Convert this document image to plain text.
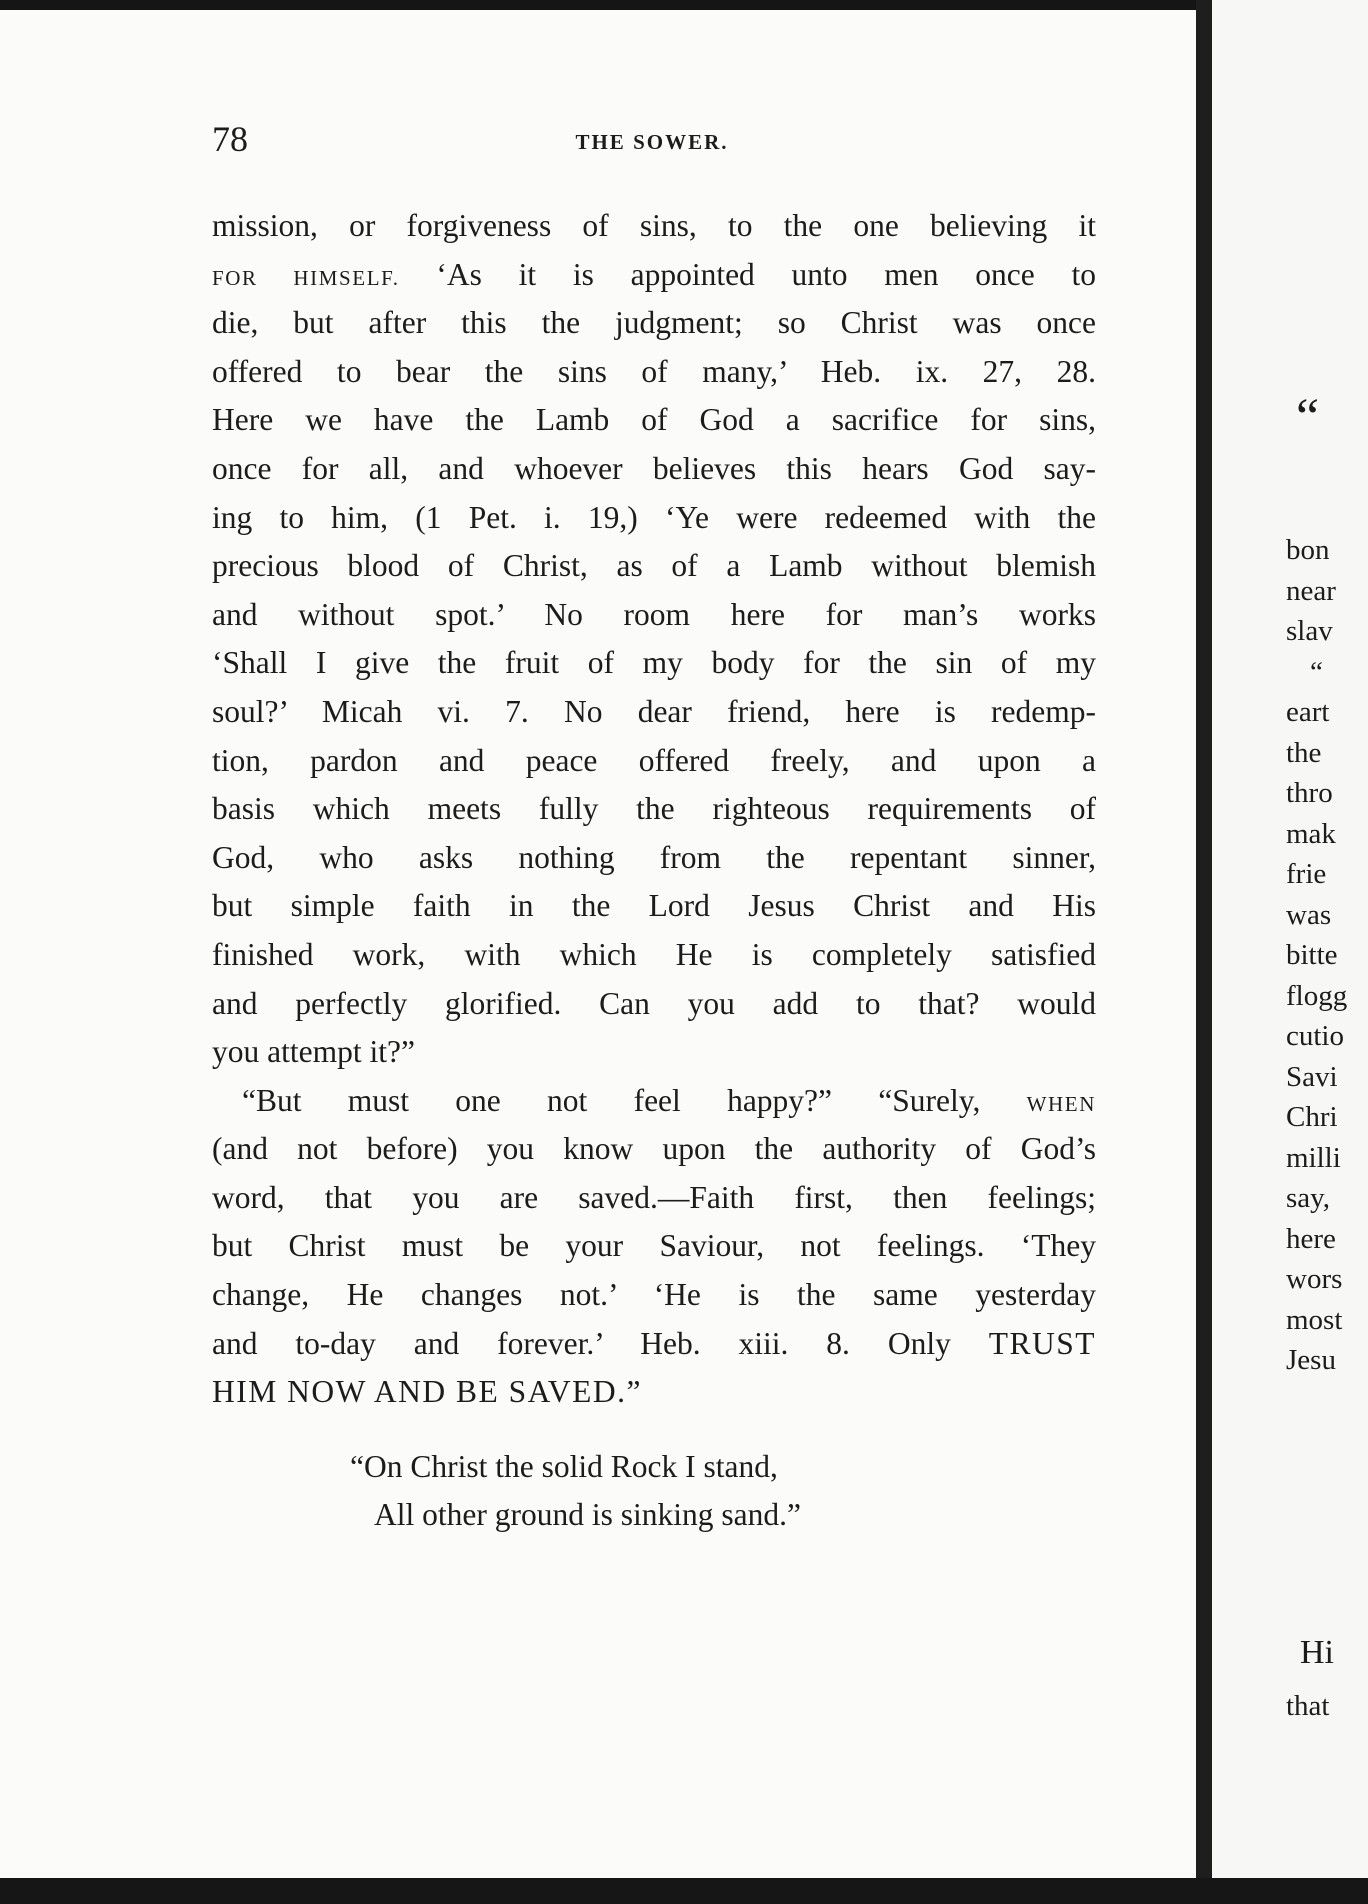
78	THE SOWER.
mission, or forgiveness of sins, to the one believing it
FOR HIMSELF. ‘As it is appointed unto men once to
die, but after this the judgment; so Christ was once
offered to bear the sins of many,’ Heb. ix. 27, 28.
Here we have the Lamb of God a sacrifice for sins,
once for all, and whoever believes this hears God say-
ing to him, (1 Pet. i. 19,) ‘Ye were redeemed with the
precious blood of Christ, as of a Lamb without blemish
and without spot.’ No room here for man’s works
‘Shall I give the fruit of my body for the sin of my
soul?’ Micah vi. 7. No dear friend, here is redemp-
tion, pardon and peace offered freely, and upon a
basis which meets fully the righteous requirements of
God, who asks nothing from the repentant sinner,
but simple faith in the Lord Jesus Christ and His
finished work, with which He is completely satisfied
and perfectly glorified. Can you add to that? would
you attempt it?”
“But must one not feel happy?” “Surely, WHEN
(and not before) you know upon the authority of God’s
word, that you are saved.—Faith first, then feelings;
but Christ must be your Saviour, not feelings. ‘They
change, He changes not.’ ‘He is the same yesterday
and to-day and forever.’ Heb. xiii. 8. Only TRUST
HIM NOW AND BE SAVED.”
“On Christ the solid Rock I stand,
All other ground is sinking sand.”
“
bon
near
slav
“
eart
the
thro
mak
frie
was
bitte
flogg
cutio
Savi
Chri
milli
say,
here
wors
most
Jesu
Hi
that
